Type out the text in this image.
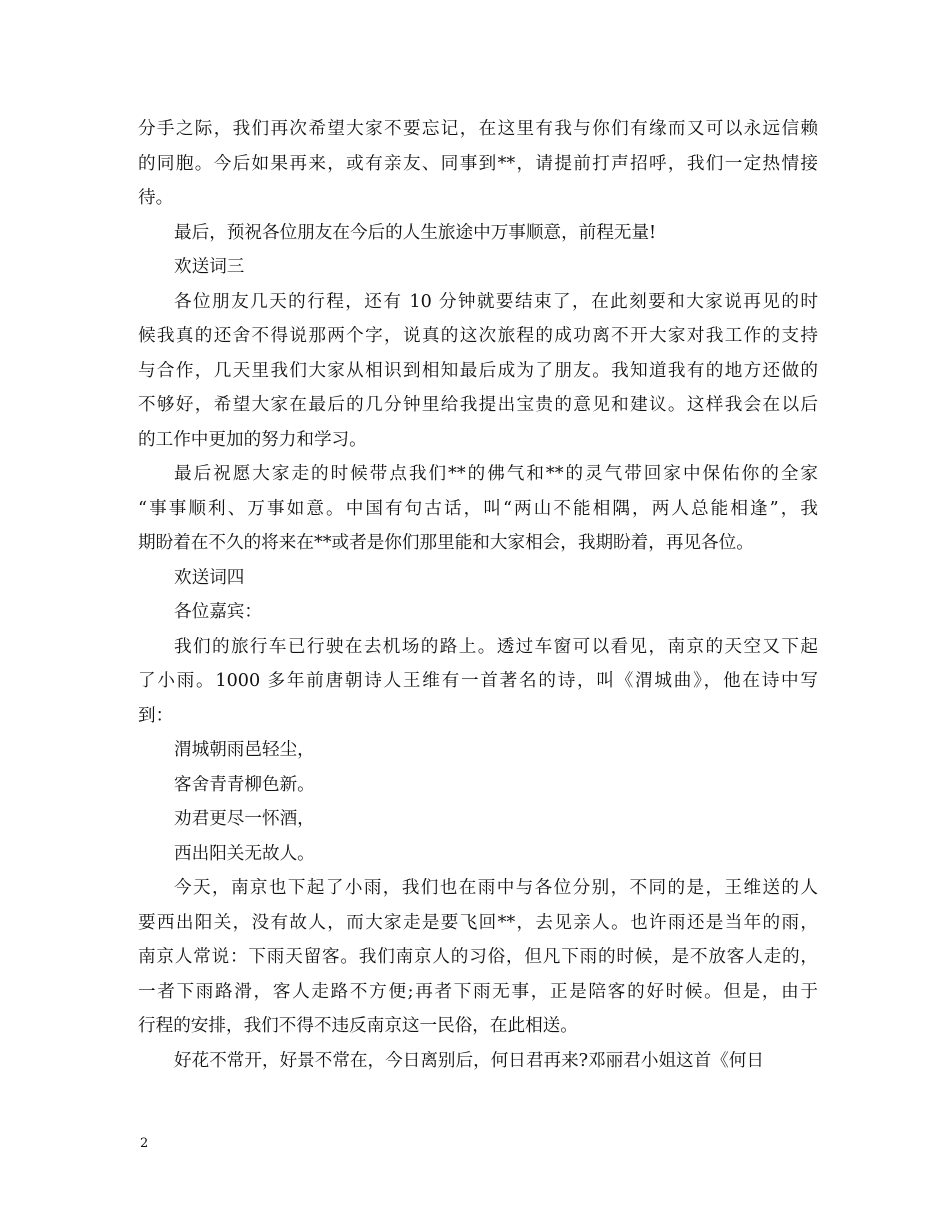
分手之际，我们再次希望大家不要忘记，在这里有我与你们有缘而又可以永远信赖
的同胞。今后如果再来，或有亲友、同事到**，请提前打声招呼，我们一定热情接
待。
最后，预祝各位朋友在今后的人生旅途中万事顺意，前程无量!
欢送词三
各位朋友几天的行程，还有 10 分钟就要结束了，在此刻要和大家说再见的时
候我真的还舍不得说那两个字，说真的这次旅程的成功离不开大家对我工作的支持
与合作，几天里我们大家从相识到相知最后成为了朋友。我知道我有的地方还做的
不够好，希望大家在最后的几分钟里给我提出宝贵的意见和建议。这样我会在以后
的工作中更加的努力和学习。
最后祝愿大家走的时候带点我们**的佛气和**的灵气带回家中保佑你的全家
“事事顺利、万事如意。中国有句古话，叫“两山不能相隅，两人总能相逢”，我
期盼着在不久的将来在**或者是你们那里能和大家相会，我期盼着，再见各位。
欢送词四
各位嘉宾：
我们的旅行车已行驶在去机场的路上。透过车窗可以看见，南京的天空又下起
了小雨。1000 多年前唐朝诗人王维有一首著名的诗，叫《渭城曲》，他在诗中写
到：
渭城朝雨邑轻尘，
客舍青青柳色新。
劝君更尽一怀酒，
西出阳关无故人。
今天，南京也下起了小雨，我们也在雨中与各位分别，不同的是，王维送的人
要西出阳关，没有故人，而大家走是要飞回**，去见亲人。也许雨还是当年的雨，
南京人常说：下雨天留客。我们南京人的习俗，但凡下雨的时候，是不放客人走的，
一者下雨路滑，客人走路不方便;再者下雨无事，正是陪客的好时候。但是，由于
行程的安排，我们不得不违反南京这一民俗，在此相送。
好花不常开，好景不常在，今日离别后，何日君再来?邓丽君小姐这首《何日
2
